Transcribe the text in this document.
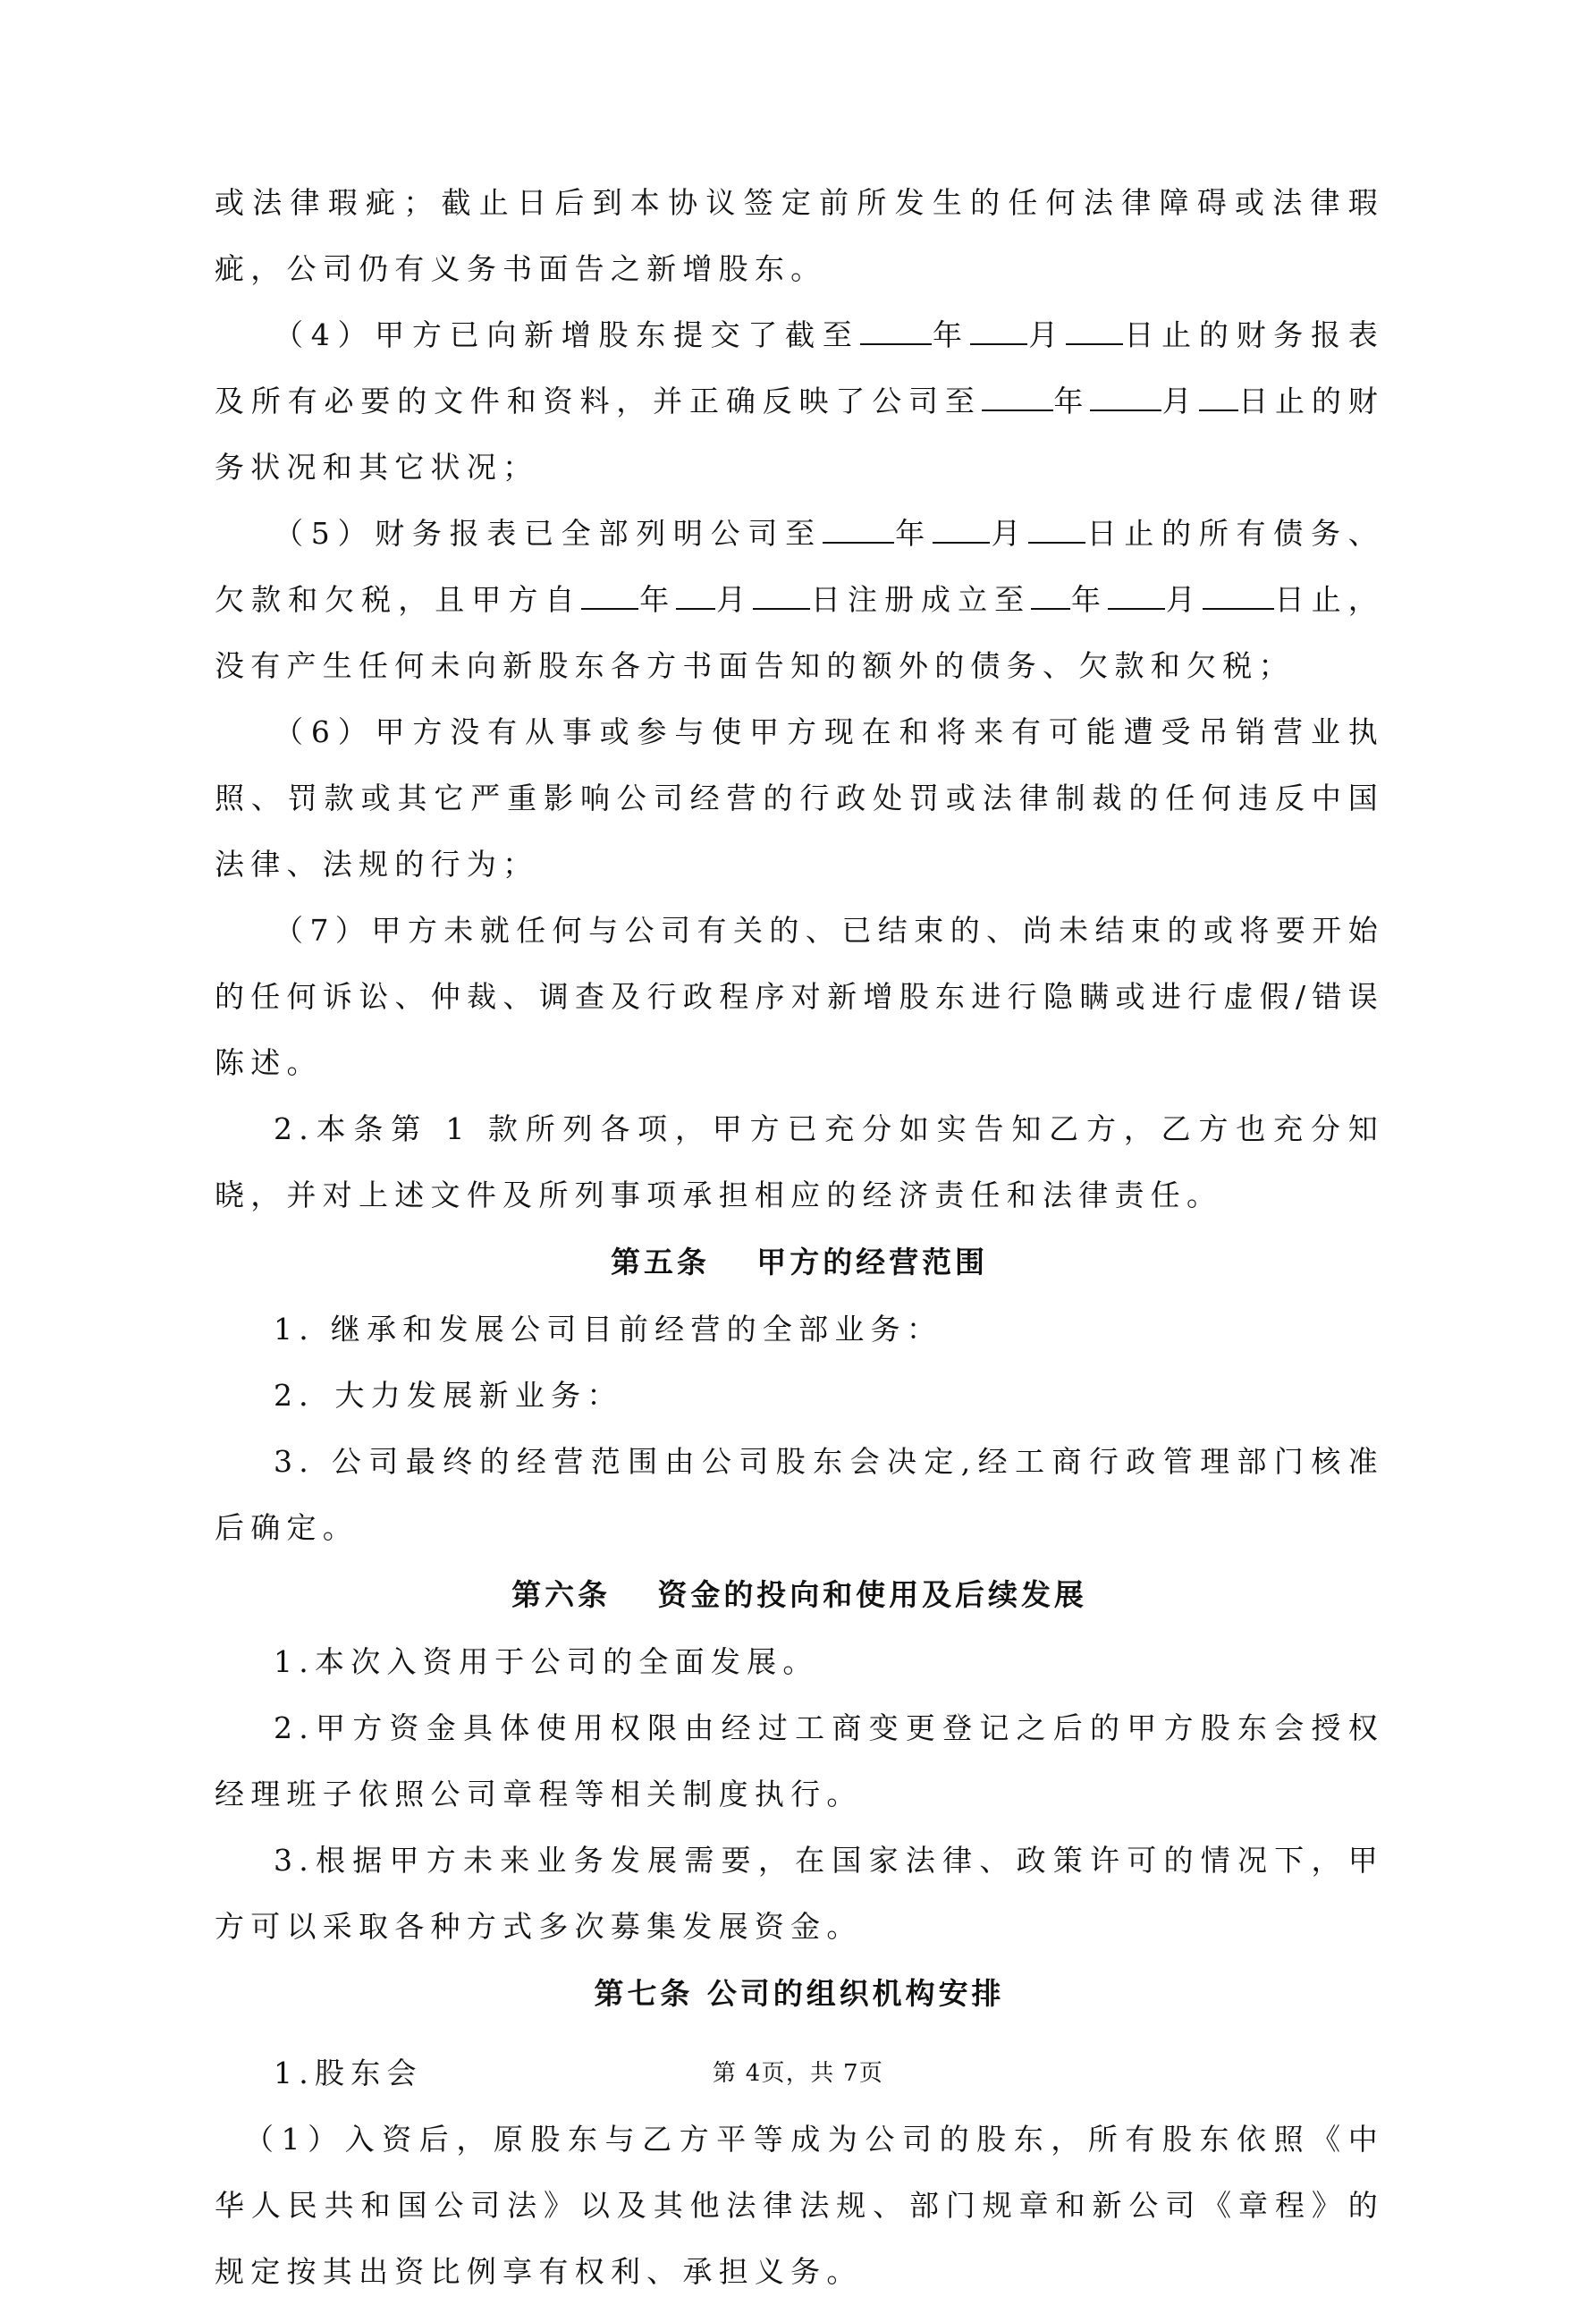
或法律瑕疵；截止日后到本协议签定前所发生的任何法律障碍或法律瑕疵，公司仍有义务书面告之新增股东。

（4）甲方已向新增股东提交了截至 年 月 日止的财务报表及所有必要的文件和资料，并正确反映了公司至 年 月 日止的财务状况和其它状况；

（5）财务报表已全部列明公司至 年 月 日止的所有债务、欠款和欠税，且甲方自 年 月 日注册成立至 年 月 日止，没有产生任何未向新股东各方书面告知的额外的债务、欠款和欠税；

（6）甲方没有从事或参与使甲方现在和将来有可能遭受吊销营业执照、罚款或其它严重影响公司经营的行政处罚或法律制裁的任何违反中国法律、法规的行为；

（7）甲方未就任何与公司有关的、已结束的、尚未结束的或将要开始的任何诉讼、仲裁、调查及行政程序对新增股东进行隐瞒或进行虚假/错误陈述。

2.本条第 1 款所列各项，甲方已充分如实告知乙方，乙方也充分知晓，并对上述文件及所列事项承担相应的经济责任和法律责任。

第五条　 甲方的经营范围

1. 继承和发展公司目前经营的全部业务：

2．大力发展新业务：

3. 公司最终的经营范围由公司股东会决定,经工商行政管理部门核准后确定。

第六条　 资金的投向和使用及后续发展

1.本次入资用于公司的全面发展。

2.甲方资金具体使用权限由经过工商变更登记之后的甲方股东会授权经理班子依照公司章程等相关制度执行。

3.根据甲方未来业务发展需要，在国家法律、政策许可的情况下，甲方可以采取各种方式多次募集发展资金。

第七条 公司的组织机构安排

1.股东会

（1）入资后，原股东与乙方平等成为公司的股东，所有股东依照《中华人民共和国公司法》以及其他法律法规、部门规章和新公司《章程》的规定按其出资比例享有权利、承担义务。

第 4页，共 7页
